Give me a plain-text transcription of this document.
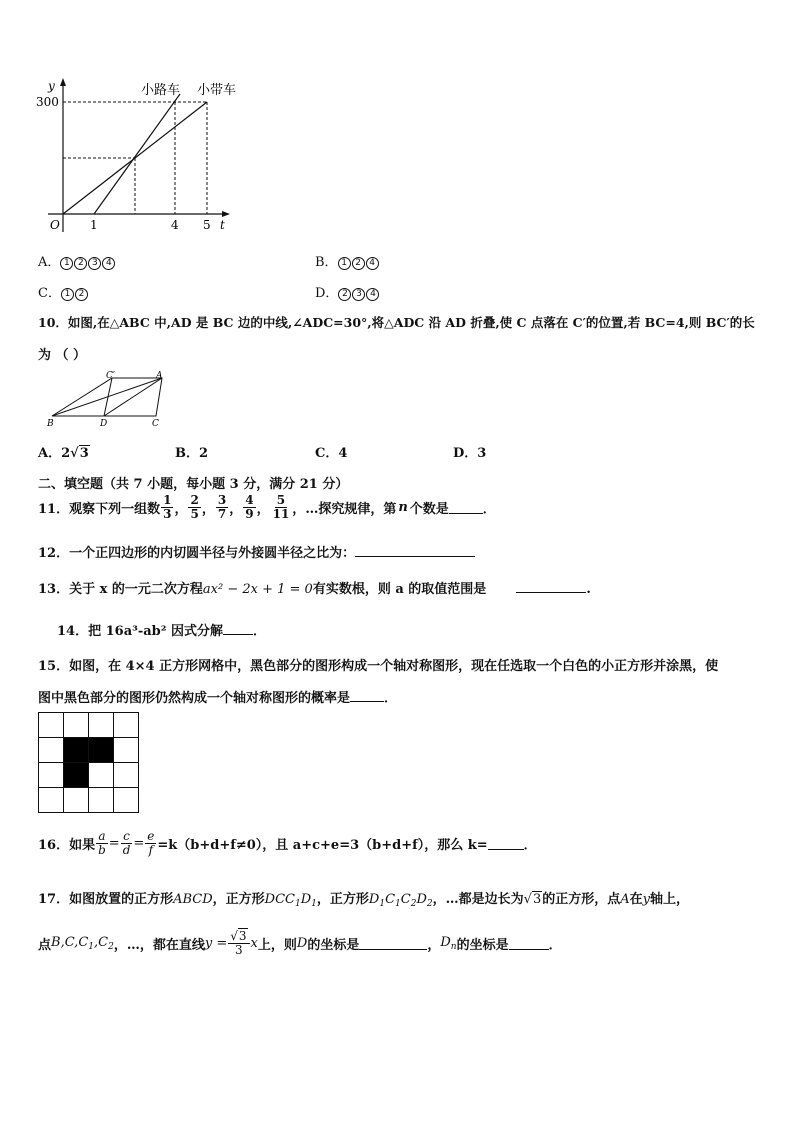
y
300
O	1	4 5 t
小路车 小带车
A． 1 2 3 4	B． 1 2 4
C． 1 2	D． 2 3 4
10．如图,在△ABC 中,AD 是 BC 边的中线,∠ADC=30°,将△ADC 沿 AD 折叠,使 C 点落在 C′的位置,若 BC=4,则 BC′的长
为 （ ）
C′	A
B	D	C
A．2√3	B．2	C．4	D．3
二、填空题（共 7 小题，每小题 3 分，满分 21 分）
11．观察下列一组数 $\frac{1}{3}$ ， $\frac{2}{5}$ ， $\frac{3}{7}$ ， $\frac{4}{9}$ ， $\frac{5}{11}$ ， …探究规律，第 n 个数是	．
12．一个正四边形的内切圆半径与外接圆半径之比为：
13．关于 x 的一元二次方程ax² − 2x + 1 = 0有实数根，则 a 的取值范围是	.
14．把 16a³-ab² 因式分解 ．
15．如图，在 4×4 正方形网格中，黑色部分的图形构成一个轴对称图形，现在任选取一个白色的小正方形并涂黑，使
图中黑色部分的图形仍然构成一个轴对称图形的概率是	．
16．如果 $\frac{a}{b} = \frac{c}{d} = \frac{e}{f} =k(b+d+f\ne 0)$，且 a+c+e=3（b+d+f），那么 k=	．
17．如图放置的正方形ABCD，正方形$DCC_1D_1$，正方形$D_1C_1C_2D_2$，…都是边长为√3的正方形，点A在y轴上，
点 $B,C,C_1,C_2$ ，…，都在直线 $y = \frac{√3}{3}$ x 上，则 D 的坐标是	， $D_n$ 的坐标是	．
